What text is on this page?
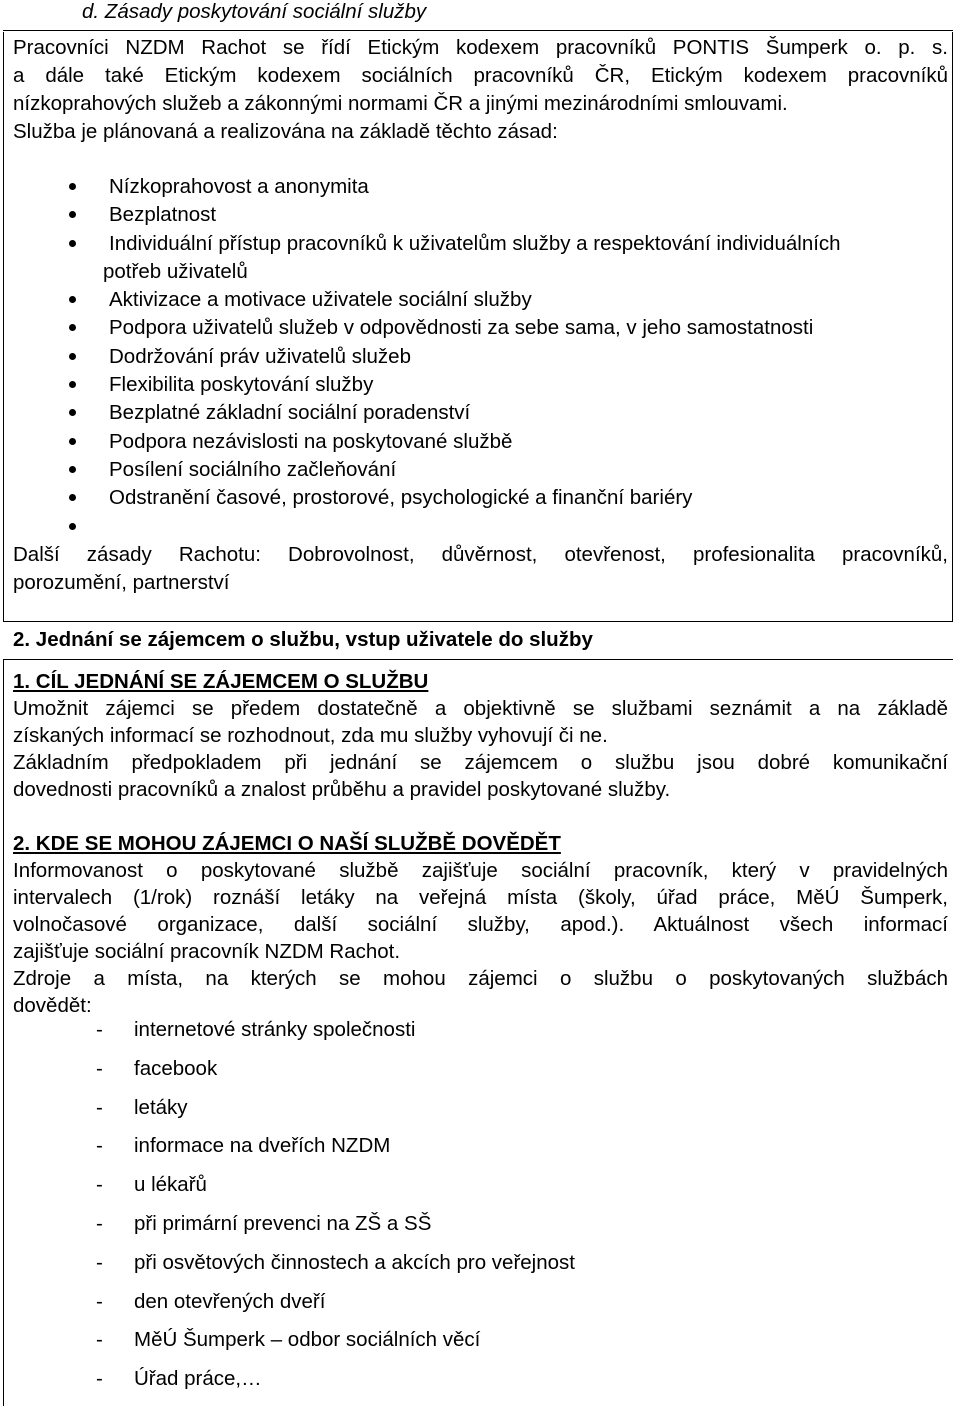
d. Zásady poskytování sociální služby
Pracovníci NZDM Rachot se řídí Etickým kodexem pracovníků PONTIS Šumperk o. p. s.
a dále také Etickým kodexem sociálních pracovníků ČR, Etickým kodexem pracovníků
nízkoprahových služeb a zákonnými normami ČR a jinými mezinárodními smlouvami.
Služba je plánovaná a realizována na základě těchto zásad:
Nízkoprahovost a anonymita
Bezplatnost
Individuální přístup pracovníků k uživatelům služby a respektování individuálních
potřeb uživatelů
Aktivizace a motivace uživatele sociální služby
Podpora uživatelů služeb v odpovědnosti za sebe sama, v jeho samostatnosti
Dodržování práv uživatelů služeb
Flexibilita poskytování služby
Bezplatné základní sociální poradenství
Podpora nezávislosti na poskytované službě
Posílení sociálního začleňování
Odstranění časové, prostorové, psychologické a finanční bariéry
Další zásady Rachotu: Dobrovolnost, důvěrnost, otevřenost, profesionalita pracovníků,
porozumění, partnerství
2. Jednání se zájemcem o službu, vstup uživatele do služby
1. CÍL JEDNÁNÍ SE ZÁJEMCEM O SLUŽBU
Umožnit zájemci se předem dostatečně a objektivně se službami seznámit a na základě
získaných informací se rozhodnout, zda mu služby vyhovují či ne.
Základním předpokladem při jednání se zájemcem o službu jsou dobré komunikační
dovednosti pracovníků a znalost průběhu a pravidel poskytované služby.
2. KDE SE MOHOU ZÁJEMCI O NAŠÍ SLUŽBĚ DOVĚDĚT
Informovanost o poskytované službě zajišťuje sociální pracovník, který v pravidelných
intervalech (1/rok) roznáší letáky na veřejná místa (školy, úřad práce, MěÚ Šumperk,
volnočasové organizace, další sociální služby, apod.). Aktuálnost všech informací
zajišťuje sociální pracovník NZDM Rachot.
Zdroje a místa, na kterých se mohou zájemci o službu o poskytovaných službách
dovědět:
- internetové stránky společnosti
- facebook
- letáky
- informace na dveřích NZDM
- u lékařů
- při primární prevenci na ZŠ a SŠ
- při osvětových činnostech a akcích pro veřejnost
- den otevřených dveří
- MěÚ Šumperk – odbor sociálních věcí
- Úřad práce,…
